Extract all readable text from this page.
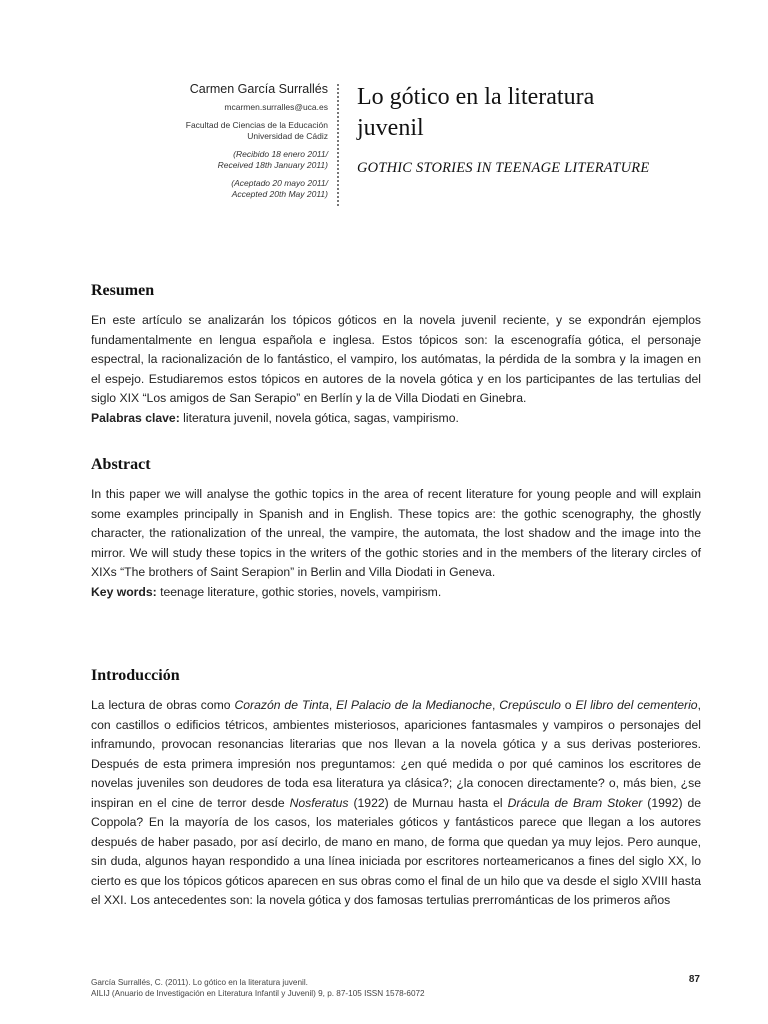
Carmen García Surrallés
mcarmen.surralles@uca.es
Facultad de Ciencias de la Educación
Universidad de Cádiz
(Recibido 18 enero 2011/
Received 18th January 2011)
(Aceptado 20 mayo 2011/
Accepted 20th May 2011)
Lo gótico en la literatura
juvenil
GOTHIC STORIES IN TEENAGE LITERATURE
Resumen

En este artículo se analizarán los tópicos góticos en la novela juvenil reciente, y se expondrán ejemplos fundamentalmente en lengua española e inglesa. Estos tópicos son: la escenografía gótica, el personaje espectral, la racionalización de lo fantástico, el vampiro, los autómatas, la pérdida de la sombra y la imagen en el espejo. Estudiaremos estos tópicos en autores de la novela gótica y en los participantes de las tertulias del siglo XIX “Los amigos de San Serapio” en Berlín y la de Villa Diodati en Ginebra.

Palabras clave: literatura juvenil, novela gótica, sagas, vampirismo.

Abstract

In this paper we will analyse the gothic topics in the area of recent literature for young people and will explain some examples principally in Spanish and in English. These topics are: the gothic scenography, the ghostly character, the rationalization of the unreal, the vampire, the automata, the lost shadow and the image into the mirror. We will study these topics in the writers of the gothic stories and in the members of the literary circles of XIXs “The brothers of Saint Serapion” in Berlin and Villa Diodati in Geneva.

Key words: teenage literature, gothic stories, novels, vampirism.

Introducción

La lectura de obras como Corazón de Tinta, El Palacio de la Medianoche, Crepúsculo o El libro del cementerio, con castillos o edificios tétricos, ambientes misteriosos, apariciones fantasmales y vampiros o personajes del inframundo, provocan resonancias literarias que nos llevan a la novela gótica y a sus derivas posteriores. Después de esta primera impresión nos preguntamos: ¿en qué medida o por qué caminos los escritores de novelas juveniles son deudores de toda esa literatura ya clásica?; ¿la conocen directamente? o, más bien, ¿se inspiran en el cine de terror desde Nosferatus (1922) de Murnau hasta el Drácula de Bram Stoker (1992) de Coppola? En la mayoría de los casos, los materiales góticos y fantásticos parece que llegan a los autores después de haber pasado, por así decirlo, de mano en mano, de forma que quedan ya muy lejos. Pero aunque, sin duda, algunos hayan respondido a una línea iniciada por escritores norteamericanos a fines del siglo XX, lo cierto es que los tópicos góticos aparecen en sus obras como el final de un hilo que va desde el siglo XVIII hasta el XXI. Los antecedentes son: la novela gótica y dos famosas tertulias prerrománticas de los primeros años

García Surrallés, C. (2011). Lo gótico en la literatura juvenil.
AILIJ (Anuario de Investigación en Literatura Infantil y Juvenil) 9, p. 87-105 ISSN 1578-6072
87
